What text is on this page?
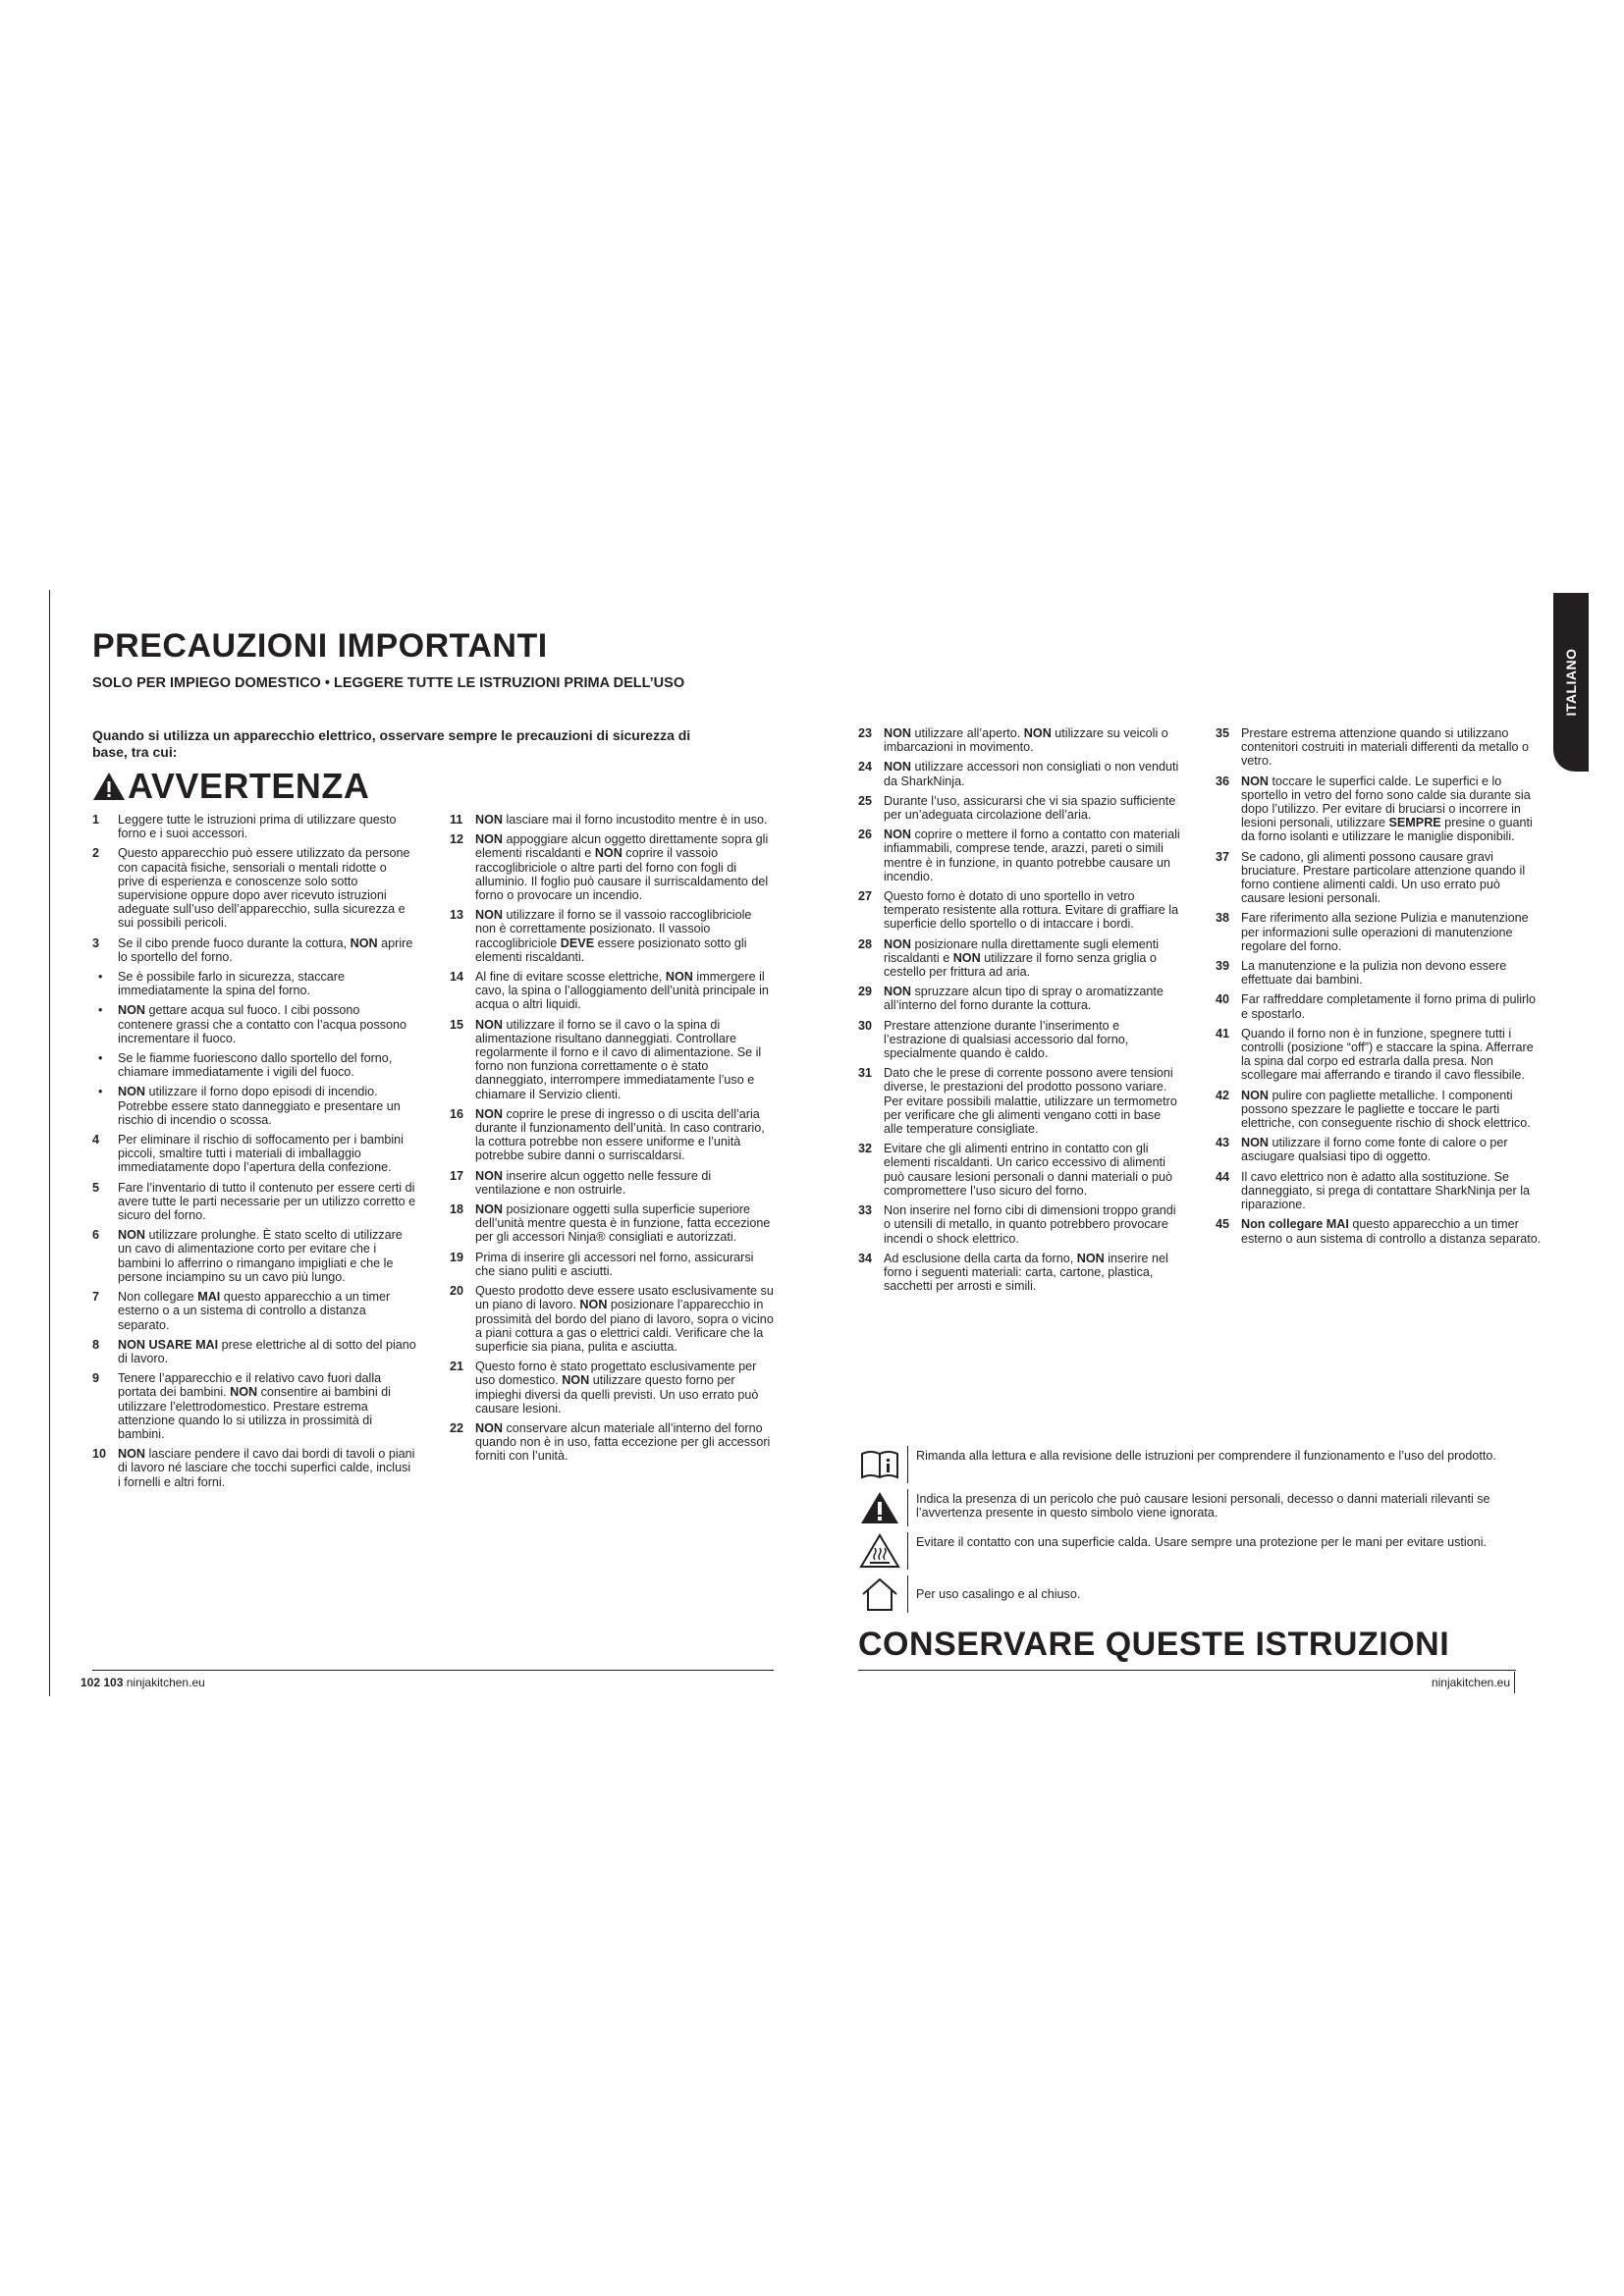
PRECAUZIONI IMPORTANTI
SOLO PER IMPIEGO DOMESTICO • LEGGERE TUTTE LE ISTRUZIONI PRIMA DELL’USO
Quando si utilizza un apparecchio elettrico, osservare sempre le precauzioni di sicurezza di base, tra cui:
AVVERTENZA
1	Leggere tutte le istruzioni prima di utilizzare questo forno e i suoi accessori.
2	Questo apparecchio può essere utilizzato da persone con capacità fisiche, sensoriali o mentali ridotte o prive di esperienza e conoscenze solo sotto supervisione oppure dopo aver ricevuto istruzioni adeguate sull’uso dell’apparecchio, sulla sicurezza e sui possibili pericoli.
3	Se il cibo prende fuoco durante la cottura, NON aprire lo sportello del forno.
•	Se è possibile farlo in sicurezza, staccare immediatamente la spina del forno.
•	NON gettare acqua sul fuoco. I cibi possono contenere grassi che a contatto con l’acqua possono incrementare il fuoco.
•	Se le fiamme fuoriescono dallo sportello del forno, chiamare immediatamente i vigili del fuoco.
•	NON utilizzare il forno dopo episodi di incendio. Potrebbe essere stato danneggiato e presentare un rischio di incendio o scossa.
4	Per eliminare il rischio di soffocamento per i bambini piccoli, smaltire tutti i materiali di imballaggio immediatamente dopo l’apertura della confezione.
5	Fare l’inventario di tutto il contenuto per essere certi di avere tutte le parti necessarie per un utilizzo corretto e sicuro del forno.
6	NON utilizzare prolunghe. È stato scelto di utilizzare un cavo di alimentazione corto per evitare che i bambini lo afferrino o rimangano impigliati e che le persone inciampino su un cavo più lungo.
7	Non collegare MAI questo apparecchio a un timer esterno o a un sistema di controllo a distanza separato.
8	NON USARE MAI prese elettriche al di sotto del piano di lavoro.
9	Tenere l’apparecchio e il relativo cavo fuori dalla portata dei bambini. NON consentire ai bambini di utilizzare l’elettrodomestico. Prestare estrema attenzione quando lo si utilizza in prossimità di bambini.
10 NON lasciare pendere il cavo dai bordi di tavoli o piani di lavoro né lasciare che tocchi superfici calde, inclusi i fornelli e altri forni.
11	NON lasciare mai il forno incustodito mentre è in uso.
12 NON appoggiare alcun oggetto direttamente sopra gli elementi riscaldanti e NON coprire il vassoio raccoglibriciole o altre parti del forno con fogli di alluminio. Il foglio può causare il surriscaldamento del forno o provocare un incendio.
13 NON utilizzare il forno se il vassoio raccoglibriciole non è correttamente posizionato. Il vassoio raccoglibriciole DEVE essere posizionato sotto gli elementi riscaldanti.
14 Al fine di evitare scosse elettriche, NON immergere il cavo, la spina o l’alloggiamento dell’unità principale in acqua o altri liquidi.
15 NON utilizzare il forno se il cavo o la spina di alimentazione risultano danneggiati. Controllare regolarmente il forno e il cavo di alimentazione. Se il forno non funziona correttamente o è stato danneggiato, interrompere immediatamente l’uso e chiamare il Servizio clienti.
16 NON coprire le prese di ingresso o di uscita dell’aria durante il funzionamento dell’unità. In caso contrario, la cottura potrebbe non essere uniforme e l’unità potrebbe subire danni o surriscaldarsi.
17 NON inserire alcun oggetto nelle fessure di ventilazione e non ostruirle.
18 NON posizionare oggetti sulla superficie superiore dell’unità mentre questa è in funzione, fatta eccezione per gli accessori Ninja® consigliati e autorizzati.
19 Prima di inserire gli accessori nel forno, assicurarsi che siano puliti e asciutti.
20 Questo prodotto deve essere usato esclusivamente su un piano di lavoro. NON posizionare l’apparecchio in prossimità del bordo del piano di lavoro, sopra o vicino a piani cottura a gas o elettrici caldi. Verificare che la superficie sia piana, pulita e asciutta.
21 Questo forno è stato progettato esclusivamente per uso domestico. NON utilizzare questo forno per impieghi diversi da quelli previsti. Un uso errato può causare lesioni.
22 NON conservare alcun materiale all’interno del forno quando non è in uso, fatta eccezione per gli accessori forniti con l’unità.
23 NON utilizzare all’aperto. NON utilizzare su veicoli o imbarcazioni in movimento.
24 NON utilizzare accessori non consigliati o non venduti da SharkNinja.
25 Durante l’uso, assicurarsi che vi sia spazio sufficiente per un’adeguata circolazione dell’aria.
26 NON coprire o mettere il forno a contatto con materiali infiammabili, comprese tende, arazzi, pareti o simili mentre è in funzione, in quanto potrebbe causare un incendio.
27 Questo forno è dotato di uno sportello in vetro temperato resistente alla rottura. Evitare di graffiare la superficie dello sportello o di intaccare i bordi.
28 NON posizionare nulla direttamente sugli elementi riscaldanti e NON utilizzare il forno senza griglia o cestello per frittura ad aria.
29 NON spruzzare alcun tipo di spray o aromatizzante all’interno del forno durante la cottura.
30 Prestare attenzione durante l’inserimento e l’estrazione di qualsiasi accessorio dal forno, specialmente quando è caldo.
31 Dato che le prese di corrente possono avere tensioni diverse, le prestazioni del prodotto possono variare. Per evitare possibili malattie, utilizzare un termometro per verificare che gli alimenti vengano cotti in base alle temperature consigliate.
32 Evitare che gli alimenti entrino in contatto con gli elementi riscaldanti. Un carico eccessivo di alimenti può causare lesioni personali o danni materiali o può compromettere l’uso sicuro del forno.
33 Non inserire nel forno cibi di dimensioni troppo grandi o utensili di metallo, in quanto potrebbero provocare incendi o shock elettrico.
34 Ad esclusione della carta da forno, NON inserire nel forno i seguenti materiali: carta, cartone, plastica, sacchetti per arrosti e simili.
35 Prestare estrema attenzione quando si utilizzano contenitori costruiti in materiali differenti da metallo o vetro.
36 NON toccare le superfici calde. Le superfici e lo sportello in vetro del forno sono calde sia durante sia dopo l’utilizzo. Per evitare di bruciarsi o incorrere in lesioni personali, utilizzare SEMPRE presine o guanti da forno isolanti e utilizzare le maniglie disponibili.
37 Se cadono, gli alimenti possono causare gravi bruciature. Prestare particolare attenzione quando il forno contiene alimenti caldi. Un uso errato può causare lesioni personali.
38 Fare riferimento alla sezione Pulizia e manutenzione per informazioni sulle operazioni di manutenzione regolare del forno.
39 La manutenzione e la pulizia non devono essere effettuate dai bambini.
40 Far raffreddare completamente il forno prima di pulirlo e spostarlo.
41 Quando il forno non è in funzione, spegnere tutti i controlli (posizione “off”) e staccare la spina. Afferrare la spina dal corpo ed estrarla dalla presa. Non scollegare mai afferrando e tirando il cavo flessibile.
42 NON pulire con pagliette metalliche. I componenti possono spezzare le pagliette e toccare le parti elettriche, con conseguente rischio di shock elettrico.
43 NON utilizzare il forno come fonte di calore o per asciugare qualsiasi tipo di oggetto.
44 Il cavo elettrico non è adatto alla sostituzione. Se danneggiato, si prega di contattare SharkNinja per la riparazione.
45 Non collegare MAI questo apparecchio a un timer esterno o aun sistema di controllo a distanza separato.
Rimanda alla lettura e alla revisione delle istruzioni per comprendere il funzionamento e l’uso del prodotto.
Indica la presenza di un pericolo che può causare lesioni personali, decesso o danni materiali rilevanti se l’avvertenza presente in questo simbolo viene ignorata.
Evitare il contatto con una superficie calda. Usare sempre una protezione per le mani per evitare ustioni.
Per uso casalingo e al chiuso.
CONSERVARE QUESTE ISTRUZIONI
102 103 ninjakitchen.eu	ninjakitchen.eu
ITALIANO
